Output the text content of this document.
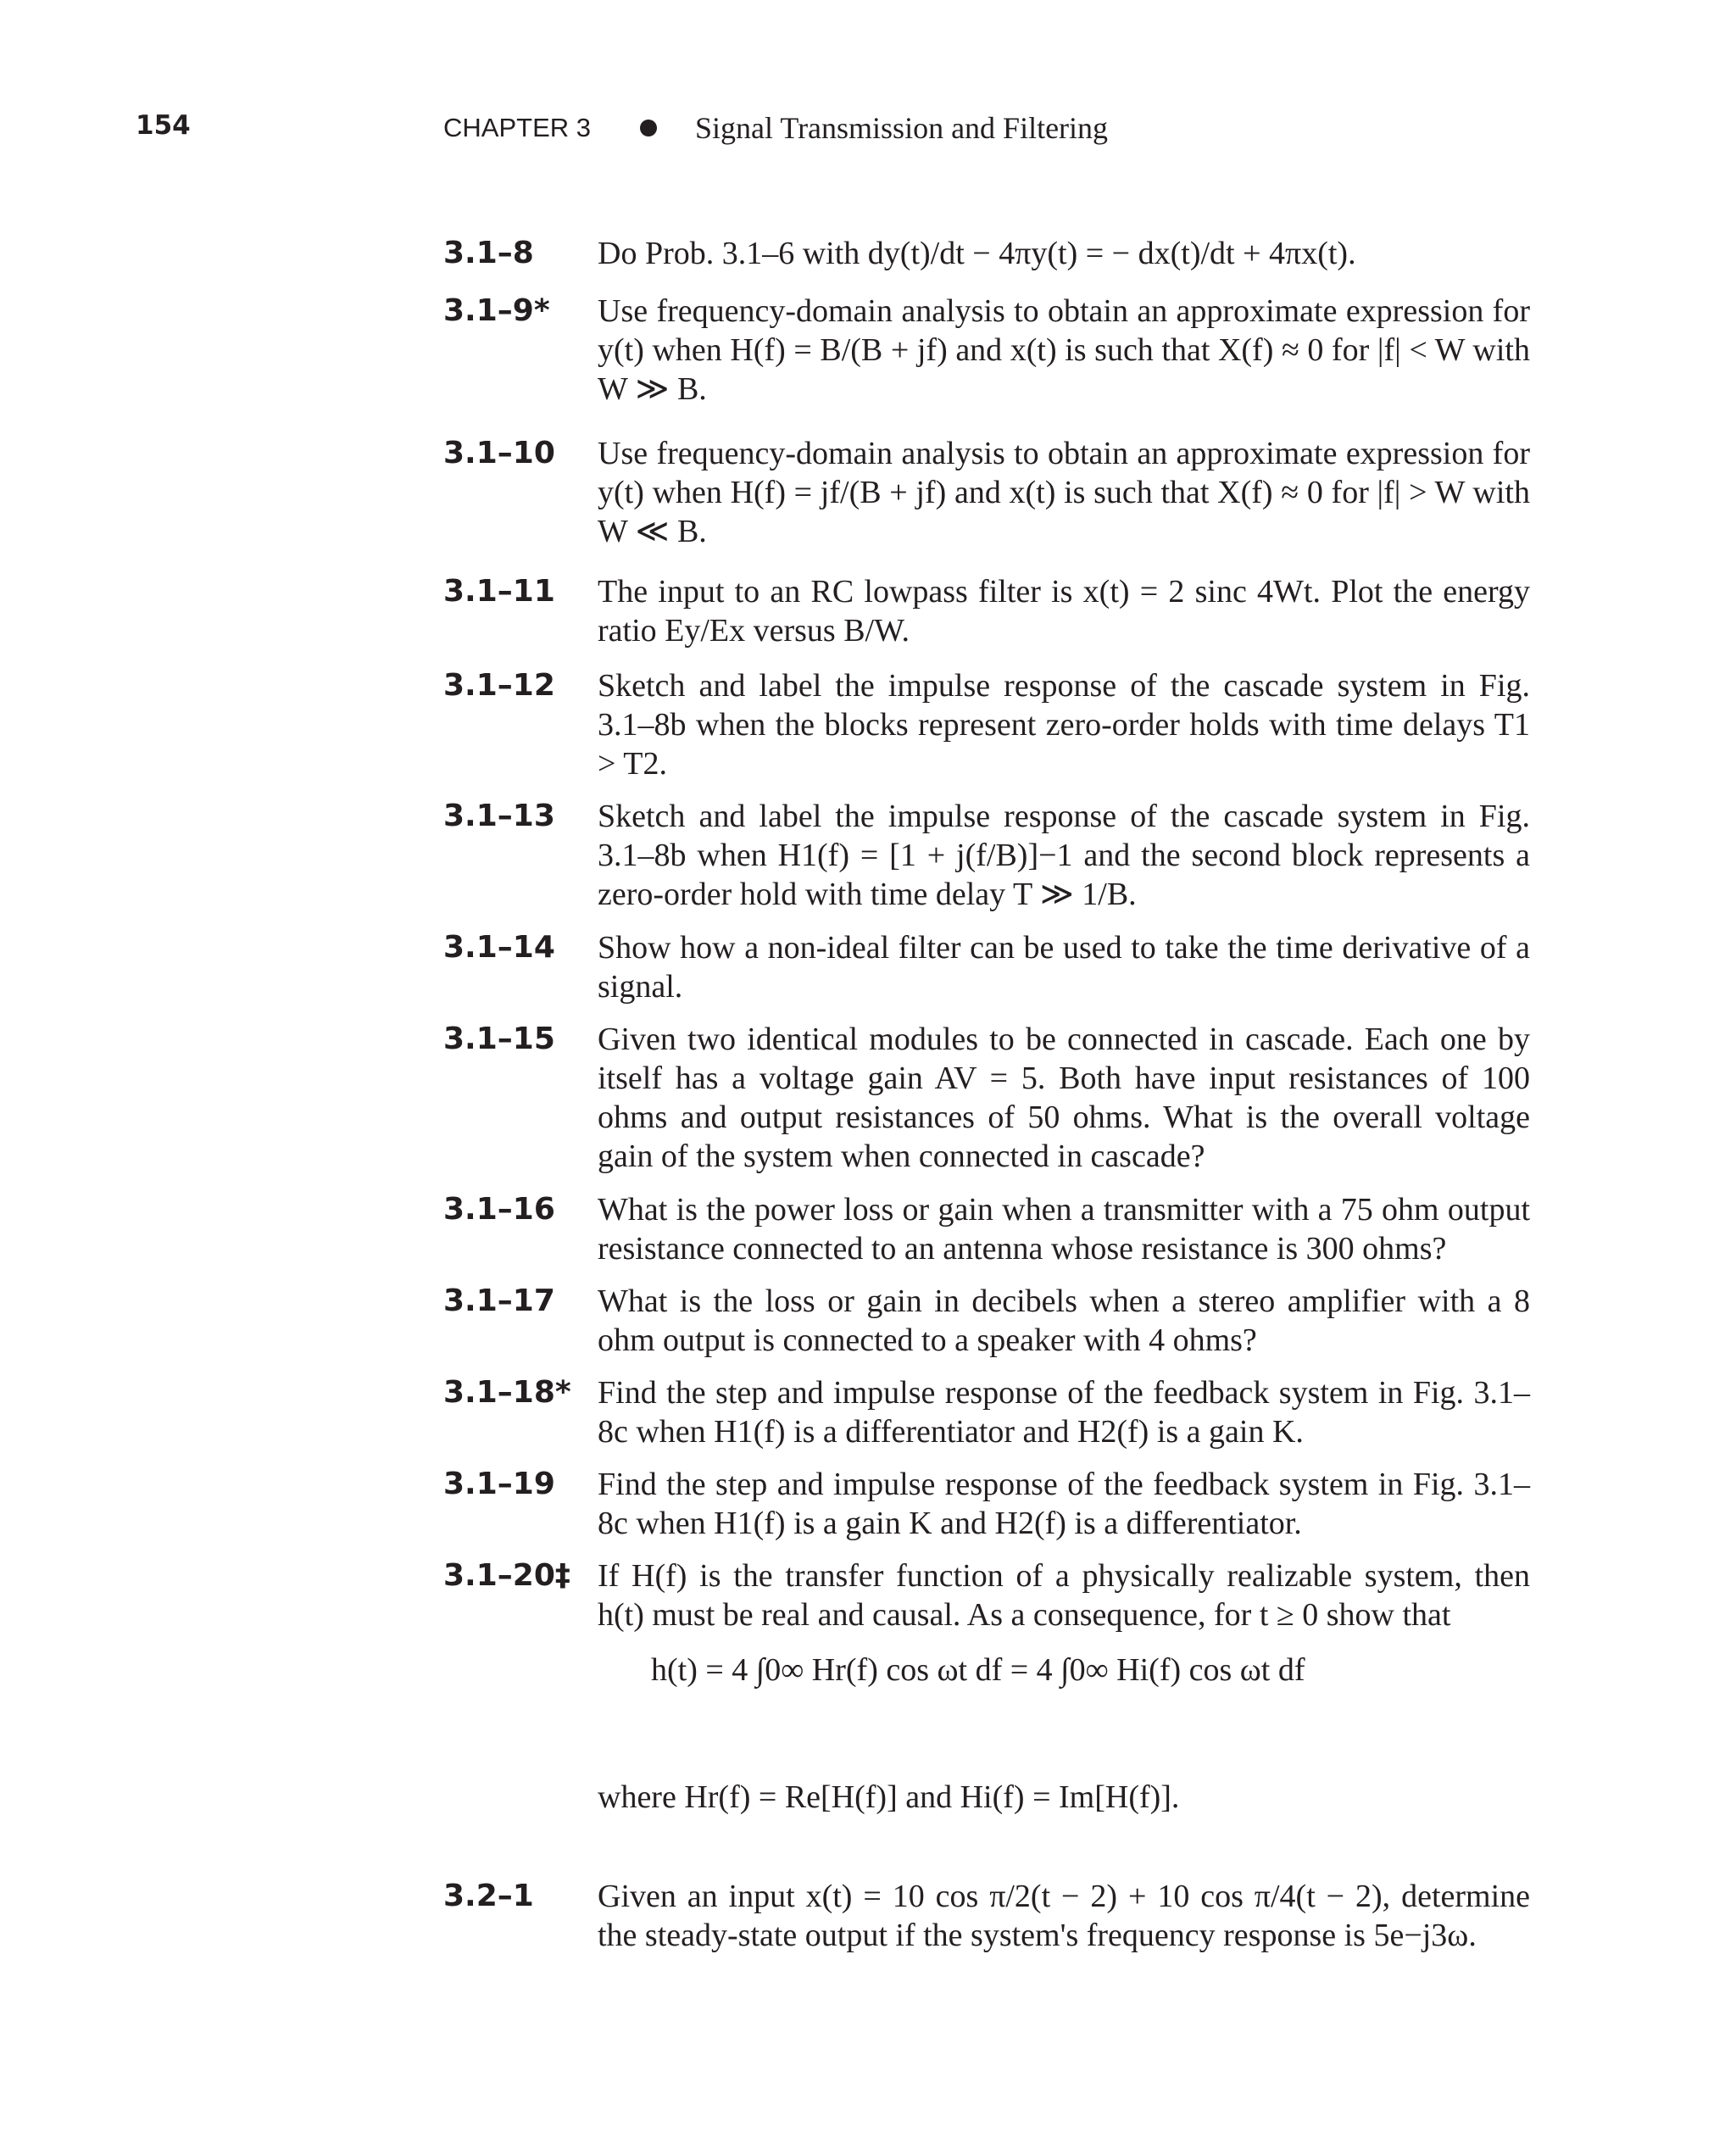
154	CHAPTER 3	Signal Transmission and Filtering
3.1–8 Do Prob. 3.1–6 with dy(t)/dt − 4πy(t) = − dx(t)/dt + 4πx(t).
3.1–9* Use frequency-domain analysis to obtain an approximate expression for y(t) when H(f) = B/(B + jf) and x(t) is such that X(f) ≈ 0 for |f| < W with W ≫ B.
3.1–10 Use frequency-domain analysis to obtain an approximate expression for y(t) when H(f) = jf/(B + jf) and x(t) is such that X(f) ≈ 0 for |f| > W with W ≪ B.
3.1–11 The input to an RC lowpass filter is x(t) = 2 sinc 4Wt. Plot the energy ratio Ey/Ex versus B/W.
3.1–12 Sketch and label the impulse response of the cascade system in Fig. 3.1–8b when the blocks represent zero-order holds with time delays T1 > T2.
3.1–13 Sketch and label the impulse response of the cascade system in Fig. 3.1–8b when H1(f) = [1 + j(f/B)]−1 and the second block represents a zero-order hold with time delay T ≫ 1/B.
3.1–14 Show how a non-ideal filter can be used to take the time derivative of a signal.
3.1–15 Given two identical modules to be connected in cascade. Each one by itself has a voltage gain AV = 5. Both have input resistances of 100 ohms and output resistances of 50 ohms. What is the overall voltage gain of the system when connected in cascade?
3.1–16 What is the power loss or gain when a transmitter with a 75 ohm output resistance connected to an antenna whose resistance is 300 ohms?
3.1–17 What is the loss or gain in decibels when a stereo amplifier with a 8 ohm output is connected to a speaker with 4 ohms?
3.1–18* Find the step and impulse response of the feedback system in Fig. 3.1–8c when H1(f) is a differentiator and H2(f) is a gain K.
3.1–19 Find the step and impulse response of the feedback system in Fig. 3.1–8c when H1(f) is a gain K and H2(f) is a differentiator.
3.1–20‡ If H(f) is the transfer function of a physically realizable system, then h(t) must be real and causal. As a consequence, for t ≥ 0 show that
h(t) = 4 ∫0∞ Hr(f) cos ωt df = 4 ∫0∞ Hi(f) cos ωt df
where Hr(f) = Re[H(f)] and Hi(f) = Im[H(f)].
3.2–1 Given an input x(t) = 10 cos π/2(t − 2) + 10 cos π/4(t − 2), determine the steady-state output if the system's frequency response is 5e−j3ω.
